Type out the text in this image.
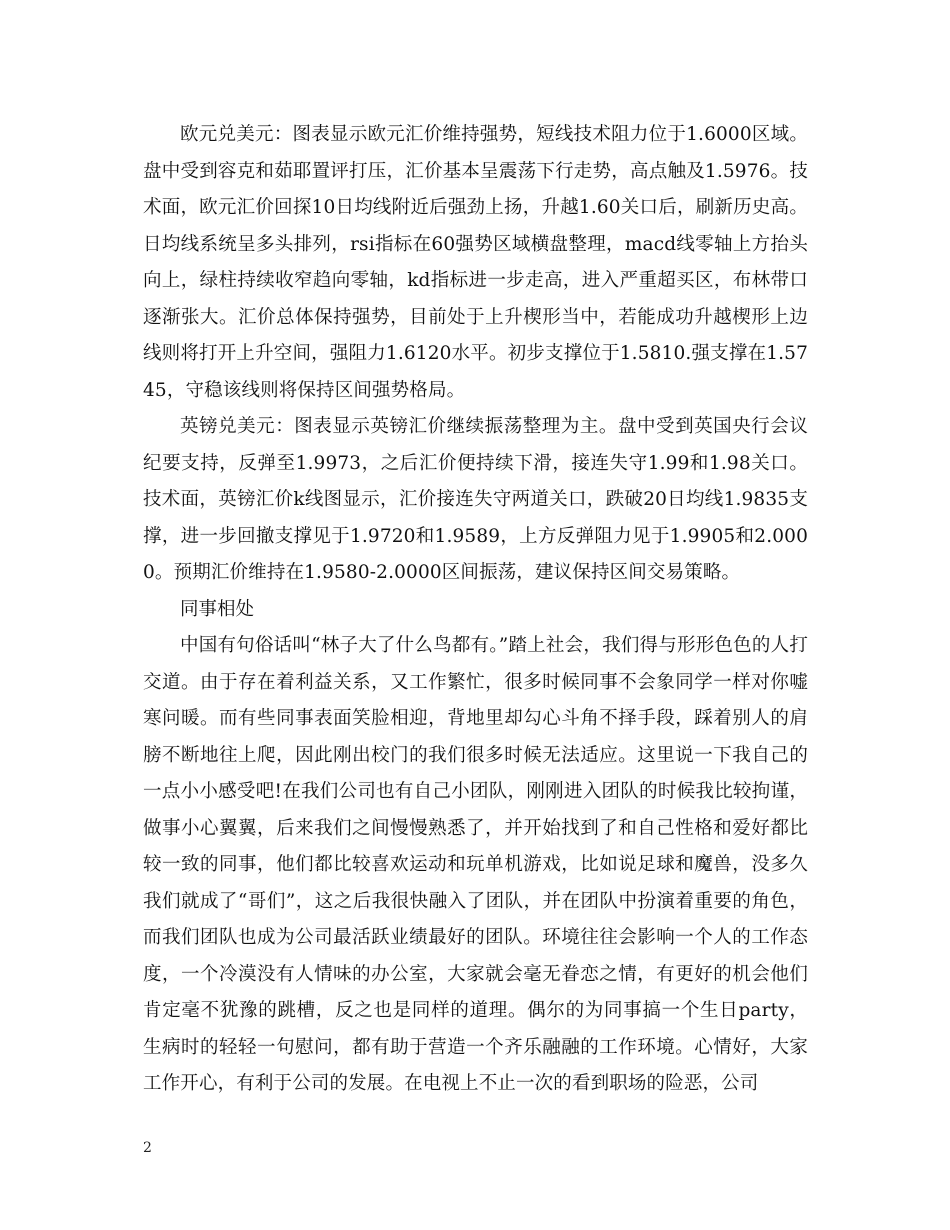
欧元兑美元：图表显示欧元汇价维持强势，短线技术阻力位于1.6000区域。盘中受到容克和茹耶置评打压，汇价基本呈震荡下行走势，高点触及1.5976。技术面，欧元汇价回探10日均线附近后强劲上扬，升越1.60关口后，刷新历史高。日均线系统呈多头排列，rsi指标在60强势区域横盘整理，macd线零轴上方抬头向上，绿柱持续收窄趋向零轴，kd指标进一步走高，进入严重超买区，布林带口逐渐张大。汇价总体保持强势，目前处于上升楔形当中，若能成功升越楔形上边线则将打开上升空间，强阻力1.6120水平。初步支撑位于1.5810.强支撑在1.5745，守稳该线则将保持区间强势格局。

英镑兑美元：图表显示英镑汇价继续振荡整理为主。盘中受到英国央行会议纪要支持，反弹至1.9973，之后汇价便持续下滑，接连失守1.99和1.98关口。技术面，英镑汇价k线图显示，汇价接连失守两道关口，跌破20日均线1.9835支撑，进一步回撤支撑见于1.9720和1.9589，上方反弹阻力见于1.9905和2.0000。预期汇价维持在1.9580-2.0000区间振荡，建议保持区间交易策略。

同事相处

中国有句俗话叫“林子大了什么鸟都有。”踏上社会，我们得与形形色色的人打交道。由于存在着利益关系，又工作繁忙，很多时候同事不会象同学一样对你嘘寒问暖。而有些同事表面笑脸相迎，背地里却勾心斗角不择手段，踩着别人的肩膀不断地往上爬，因此刚出校门的我们很多时候无法适应。这里说一下我自己的一点小小感受吧!在我们公司也有自己小团队，刚刚进入团队的时候我比较拘谨，做事小心翼翼，后来我们之间慢慢熟悉了，并开始找到了和自己性格和爱好都比较一致的同事，他们都比较喜欢运动和玩单机游戏，比如说足球和魔兽，没多久我们就成了“哥们”，这之后我很快融入了团队，并在团队中扮演着重要的角色，而我们团队也成为公司最活跃业绩最好的团队。环境往往会影响一个人的工作态度，一个冷漠没有人情味的办公室，大家就会毫无眷恋之情，有更好的机会他们肯定毫不犹豫的跳槽，反之也是同样的道理。偶尔的为同事搞一个生日party，生病时的轻轻一句慰问，都有助于营造一个齐乐融融的工作环境。心情好，大家工作开心，有利于公司的发展。在电视上不止一次的看到职场的险恶，公司

2
